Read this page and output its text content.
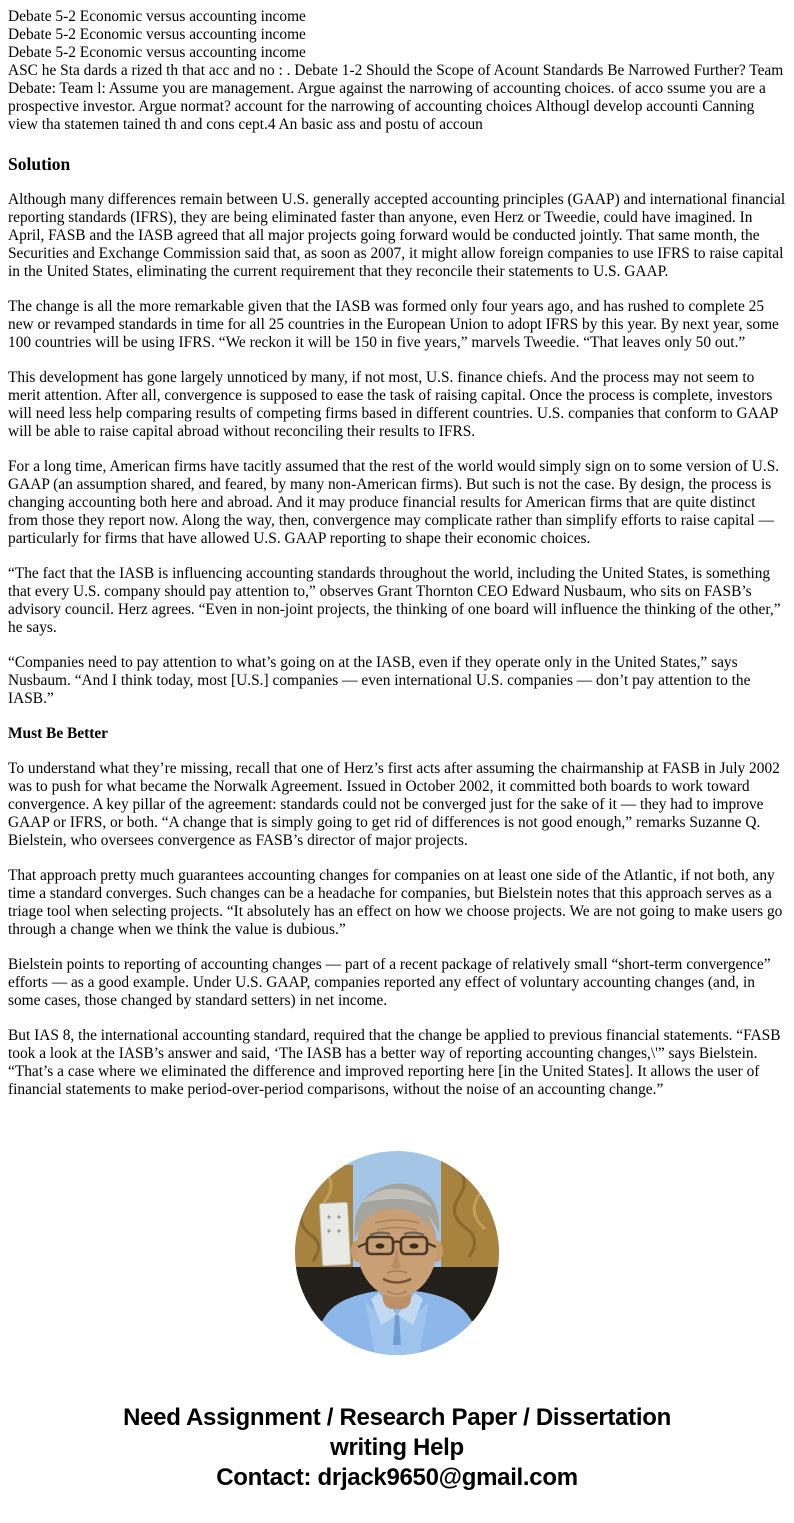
Debate 5-2 Economic versus accounting income
Debate 5-2 Economic versus accounting income
Debate 5-2 Economic versus accounting income
ASC he Sta dards a rized th that acc and no : . Debate 1-2 Should the Scope of Acount Standards Be Narrowed Further? Team Debate: Team l: Assume you are management. Argue against the narrowing of accounting choices. of acco ssume you are a prospective investor. Argue normat? account for the narrowing of accounting choices Althougl develop accounti Canning view tha statemen tained th and cons cept.4 An basic ass and postu of accoun
Solution

Although many differences remain between U.S. generally accepted accounting principles (GAAP) and international financial reporting standards (IFRS), they are being eliminated faster than anyone, even Herz or Tweedie, could have imagined. In April, FASB and the IASB agreed that all major projects going forward would be conducted jointly. That same month, the Securities and Exchange Commission said that, as soon as 2007, it might allow foreign companies to use IFRS to raise capital in the United States, eliminating the current requirement that they reconcile their statements to U.S. GAAP.

The change is all the more remarkable given that the IASB was formed only four years ago, and has rushed to complete 25 new or revamped standards in time for all 25 countries in the European Union to adopt IFRS by this year. By next year, some 100 countries will be using IFRS. “We reckon it will be 150 in five years,” marvels Tweedie. “That leaves only 50 out.”

This development has gone largely unnoticed by many, if not most, U.S. finance chiefs. And the process may not seem to merit attention. After all, convergence is supposed to ease the task of raising capital. Once the process is complete, investors will need less help comparing results of competing firms based in different countries. U.S. companies that conform to GAAP will be able to raise capital abroad without reconciling their results to IFRS.

For a long time, American firms have tacitly assumed that the rest of the world would simply sign on to some version of U.S. GAAP (an assumption shared, and feared, by many non-American firms). But such is not the case. By design, the process is changing accounting both here and abroad. And it may produce financial results for American firms that are quite distinct from those they report now. Along the way, then, convergence may complicate rather than simplify efforts to raise capital — particularly for firms that have allowed U.S. GAAP reporting to shape their economic choices.

“The fact that the IASB is influencing accounting standards throughout the world, including the United States, is something that every U.S. company should pay attention to,” observes Grant Thornton CEO Edward Nusbaum, who sits on FASB’s advisory council. Herz agrees. “Even in non-joint projects, the thinking of one board will influence the thinking of the other,” he says.

“Companies need to pay attention to what’s going on at the IASB, even if they operate only in the United States,” says Nusbaum. “And I think today, most [U.S.] companies — even international U.S. companies — don’t pay attention to the IASB.”

Must Be Better

To understand what they’re missing, recall that one of Herz’s first acts after assuming the chairmanship at FASB in July 2002 was to push for what became the Norwalk Agreement. Issued in October 2002, it committed both boards to work toward convergence. A key pillar of the agreement: standards could not be converged just for the sake of it — they had to improve GAAP or IFRS, or both. “A change that is simply going to get rid of differences is not good enough,” remarks Suzanne Q. Bielstein, who oversees convergence as FASB’s director of major projects.

That approach pretty much guarantees accounting changes for companies on at least one side of the Atlantic, if not both, any time a standard converges. Such changes can be a headache for companies, but Bielstein notes that this approach serves as a triage tool when selecting projects. “It absolutely has an effect on how we choose projects. We are not going to make users go through a change when we think the value is dubious.”

Bielstein points to reporting of accounting changes — part of a recent package of relatively small “short-term convergence” efforts — as a good example. Under U.S. GAAP, companies reported any effect of voluntary accounting changes (and, in some cases, those changed by standard setters) in net income.

But IAS 8, the international accounting standard, required that the change be applied to previous financial statements. “FASB took a look at the IASB’s answer and said, ‘The IASB has a better way of reporting accounting changes,\'” says Bielstein. “That’s a case where we eliminated the difference and improved reporting here [in the United States]. It allows the user of financial statements to make period-over-period comparisons, without the noise of an accounting change.”

Need Assignment / Research Paper / Dissertation
writing Help
Contact: drjack9650@gmail.com
